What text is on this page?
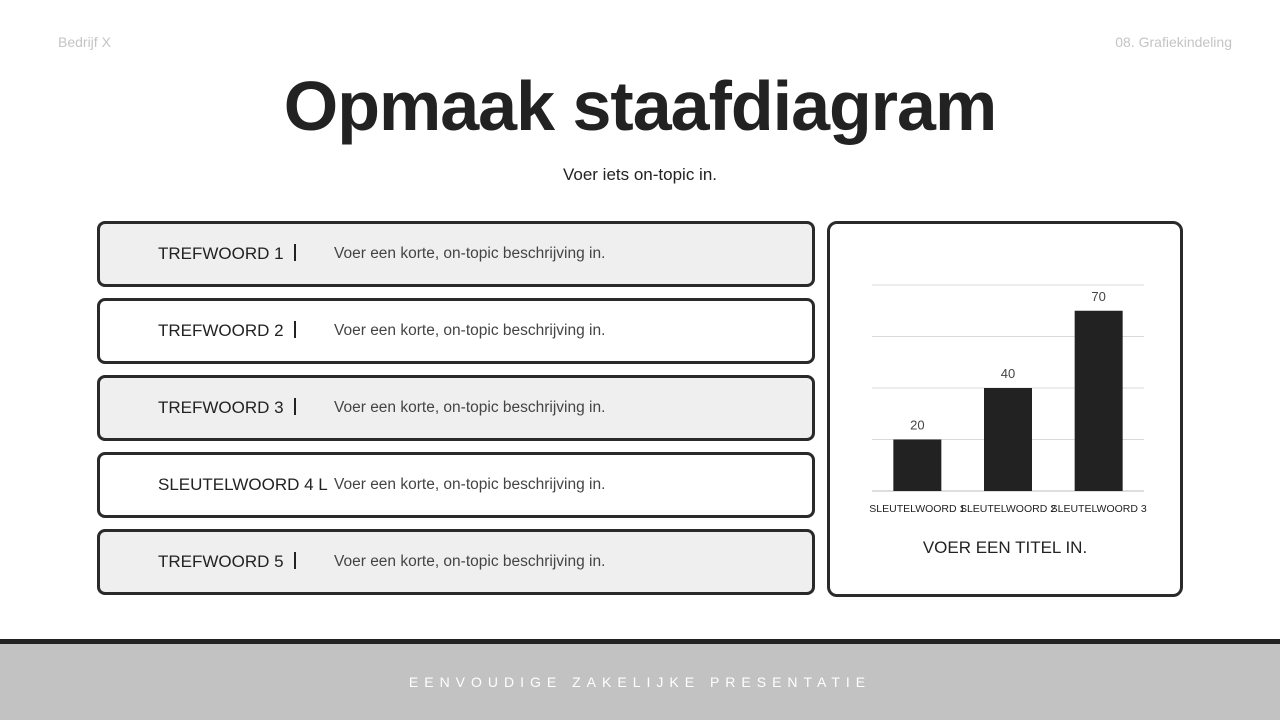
Bedrijf X	08. Grafiekindeling
Opmaak staafdiagram
Voer iets on-topic in.
TREFWOORD 1	Voer een korte, on-topic beschrijving in.
TREFWOORD 2	Voer een korte, on-topic beschrijving in.
TREFWOORD 3	Voer een korte, on-topic beschrijving in.
SLEUTELWOORD 4 L Voer een korte, on-topic beschrijving in.
TREFWOORD 5	Voer een korte, on-topic beschrijving in.
20
SLEUTELWOORD 1
40
SLEUTELWOORD 2
70
SLEUTELWOORD 3
VOER EEN TITEL IN.
EENVOUDIGE ZAKELIJKE PRESENTATIE
